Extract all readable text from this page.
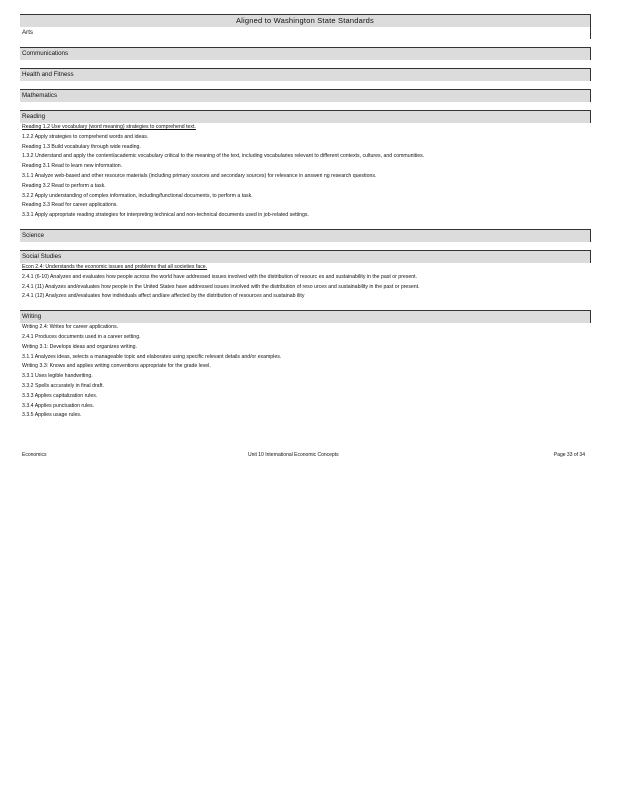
Aligned to Washington State Standards
Arts
Communications
Health and Fitness
Mathematics
Reading
Reading 1.2 Use vocabulary (word meaning) strategies to comprehend text.
1.2.2 Apply strategies to comprehend words and ideas.
Reading 1.3 Build vocabulary through wide reading.
1.3.2 Understand and apply the content/academic vocabulary critical to the meaning of the text, including vocabularies relevant to different contexts, cultures, and communities.
Reading 3.1 Read to learn new information.
3.1.1 Analyze web-based and other resource materials (including primary sources and secondary sources) for relevance in answeri ng research questions.
Reading 3.2 Read to perform a task.
3.2.2 Apply understanding of complex information, including/functional documents, to perform a task.
Reading 3.3 Read for career applications.
3.3.1 Apply appropriate reading strategies for interpreting technical and non-technical documents used in job-related settings.
Science
Social Studies
Econ 2.4: Understands the economic issues and problems that all societies face.
2.4.1 (6-10) Analyzes and evaluates how people across the world have addressed issues involved with the distribution of resourc es and sustainability in the past or present.
2.4.1 (11) Analyzes and/evaluates how people in the United States have addressed issues involved with the distribution of reso urces and sustainability in the past or present.
2.4.1 (12) Analyzes and/evaluates how individuals affect and/are affected by the distribution of resources and sustainab ility
Writing
Writing 2.4: Writes for career applications.
2.4.1 Produces documents used in a career setting.
Writing 3.1: Develops ideas and organizes writing.
3.1.1 Analyzes ideas, selects a manageable topic and elaborates using specific relevant details and/or examples.
Writing 3.3: Knows and applies writing conventions appropriate for the grade level.
3.3.1 Uses legible handwriting.
3.3.2 Spells accurately in final draft.
3.3.3 Applies capitalization rules.
3.3.4 Applies punctuation rules.
3.3.5 Applies usage rules.
Economics	Unit 10 International Economic Concepts	Page 33 of 34
